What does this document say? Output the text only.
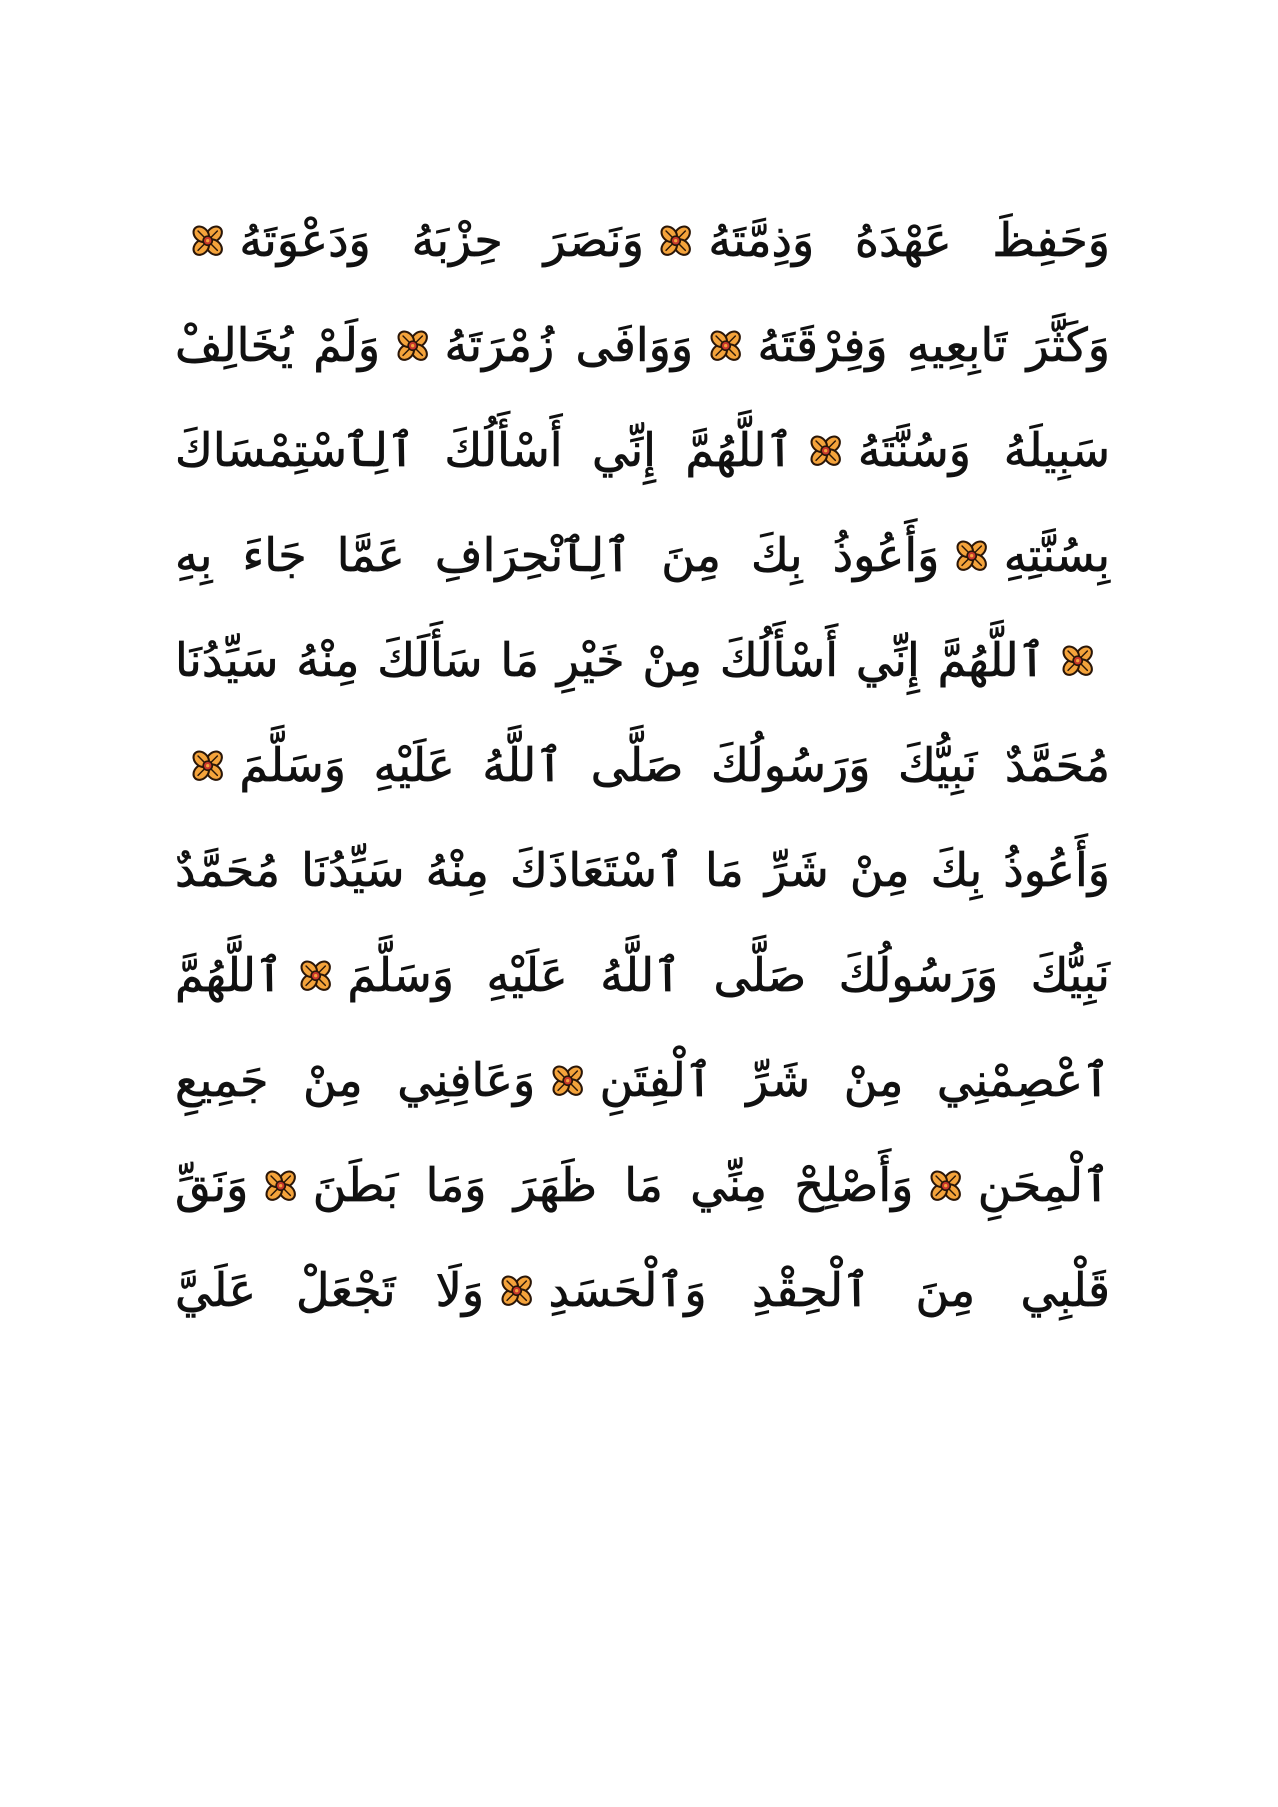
وَحَفِظَ عَهْدَهُ وَذِمَّتَهُ
وَنَصَرَ حِزْبَهُ وَدَعْوَتَهُ
وَكَثَّرَ تَابِعِيهِ وَفِرْقَتَهُ
وَوَافَى زُمْرَتَهُ
وَلَمْ يُخَالِفْ
سَبِيلَهُ وَسُنَّتَهُ
ٱللَّهُمَّ إِنِّي أَسْأَلُكَ ٱلِٱسْتِمْسَاكَ
بِسُنَّتِهِ
وَأَعُوذُ بِكَ مِنَ ٱلِٱنْحِرَافِ عَمَّا جَاءَ بِهِ
ٱللَّهُمَّ إِنِّي أَسْأَلُكَ مِنْ خَيْرِ مَا سَأَلَكَ مِنْهُ سَيِّدُنَا
مُحَمَّدٌ نَبِيُّكَ وَرَسُولُكَ صَلَّى ٱللَّهُ عَلَيْهِ وَسَلَّمَ
وَأَعُوذُ بِكَ مِنْ شَرِّ مَا ٱسْتَعَاذَكَ مِنْهُ سَيِّدُنَا مُحَمَّدٌ
نَبِيُّكَ وَرَسُولُكَ صَلَّى ٱللَّهُ عَلَيْهِ وَسَلَّمَ
ٱللَّهُمَّ
ٱعْصِمْنِي مِنْ شَرِّ ٱلْفِتَنِ
وَعَافِنِي مِنْ جَمِيعِ
ٱلْمِحَنِ
وَأَصْلِحْ مِنِّي مَا ظَهَرَ وَمَا بَطَنَ
وَنَقِّ
قَلْبِي مِنَ ٱلْحِقْدِ وَٱلْحَسَدِ
وَلَا تَجْعَلْ عَلَيَّ
